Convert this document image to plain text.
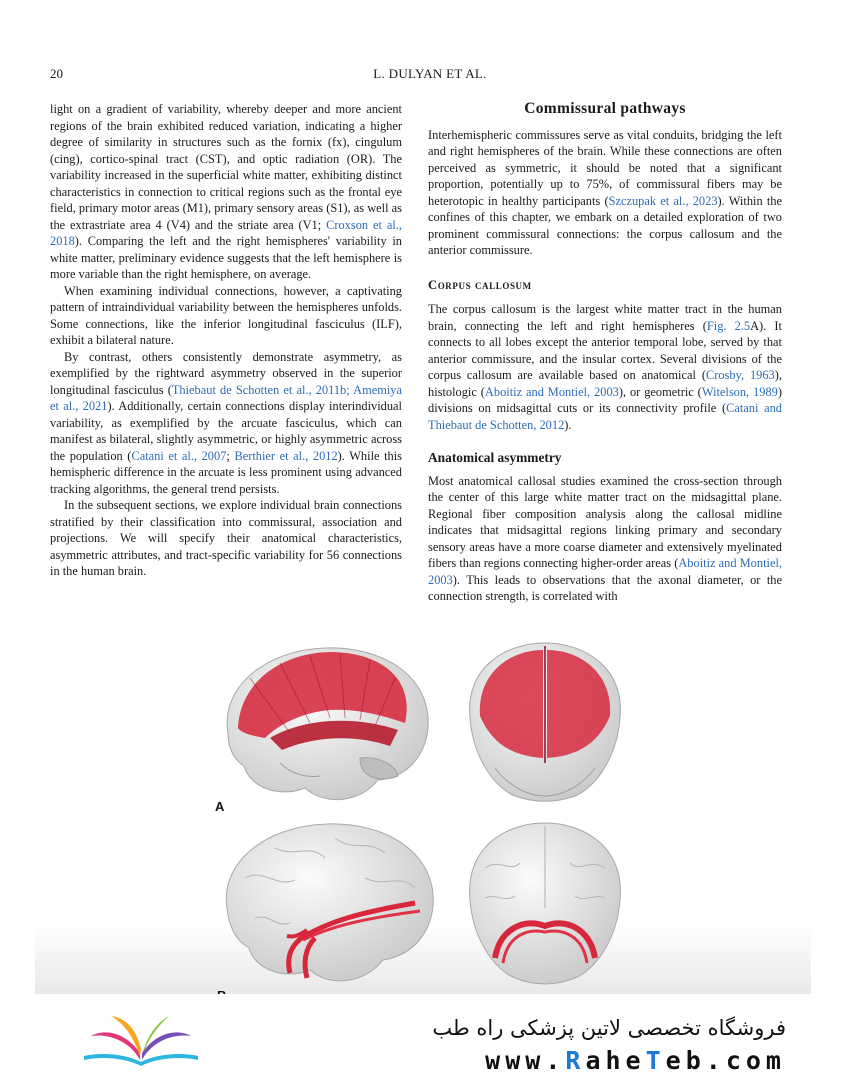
20	L. DULYAN ET AL.

light on a gradient of variability, whereby deeper and more ancient regions of the brain exhibited reduced variation, indicating a higher degree of similarity in structures such as the fornix (fx), cingulum (cing), cortico-spinal tract (CST), and optic radiation (OR). The variability increased in the superficial white matter, exhibiting distinct characteristics in connection to critical regions such as the frontal eye field, primary motor areas (M1), primary sensory areas (S1), as well as the extrastriate area 4 (V4) and the striate area (V1; Croxson et al., 2018). Comparing the left and the right hemispheres' variability in white matter, preliminary evidence suggests that the left hemisphere is more variable than the right hemisphere, on average.

When examining individual connections, however, a captivating pattern of intraindividual variability between the hemispheres unfolds. Some connections, like the inferior longitudinal fasciculus (ILF), exhibit a bilateral nature.

By contrast, others consistently demonstrate asymmetry, as exemplified by the rightward asymmetry observed in the superior longitudinal fasciculus (Thiebaut de Schotten et al., 2011b; Amemiya et al., 2021). Additionally, certain connections display interindividual variability, as exemplified by the arcuate fasciculus, which can manifest as bilateral, slightly asymmetric, or highly asymmetric across the population (Catani et al., 2007; Berthier et al., 2012). While this hemispheric difference in the arcuate is less prominent using advanced tracking algorithms, the general trend persists.

In the subsequent sections, we explore individual brain connections stratified by their classification into commissural, association and projections. We will specify their anatomical characteristics, asymmetric attributes, and tract-specific variability for 56 connections in the human brain.

Commissural pathways

Interhemispheric commissures serve as vital conduits, bridging the left and right hemispheres of the brain. While these connections are often perceived as symmetric, it should be noted that a significant proportion, potentially up to 75%, of commissural fibers may be heterotopic in healthy participants (Szczupak et al., 2023). Within the confines of this chapter, we embark on a detailed exploration of two prominent commissural connections: the corpus callosum and the anterior commissure.

Corpus callosum

The corpus callosum is the largest white matter tract in the human brain, connecting the left and right hemispheres (Fig. 2.5A). It connects to all lobes except the anterior temporal lobe, served by that anterior commissure, and the insular cortex. Several divisions of the corpus callosum are available based on anatomical (Crosby, 1963), histologic (Aboitiz and Montiel, 2003), or geometric (Witelson, 1989) divisions on midsagittal cuts or its connectivity profile (Catani and Thiebaut de Schotten, 2012).

Anatomical asymmetry

Most anatomical callosal studies examined the cross-section through the center of this large white matter tract on the midsagittal plane. Regional fiber composition analysis along the callosal midline indicates that midsagittal regions linking primary and secondary sensory areas have a more coarse diameter and extensively myelinated fibers than regions connecting higher-order areas (Aboitiz and Montiel, 2003). This leads to observations that the axonal diameter, or the connection strength, is correlated with

A
فروشگاه تخصصی لاتین پزشکی راه طب
www.RaheTeb.com
